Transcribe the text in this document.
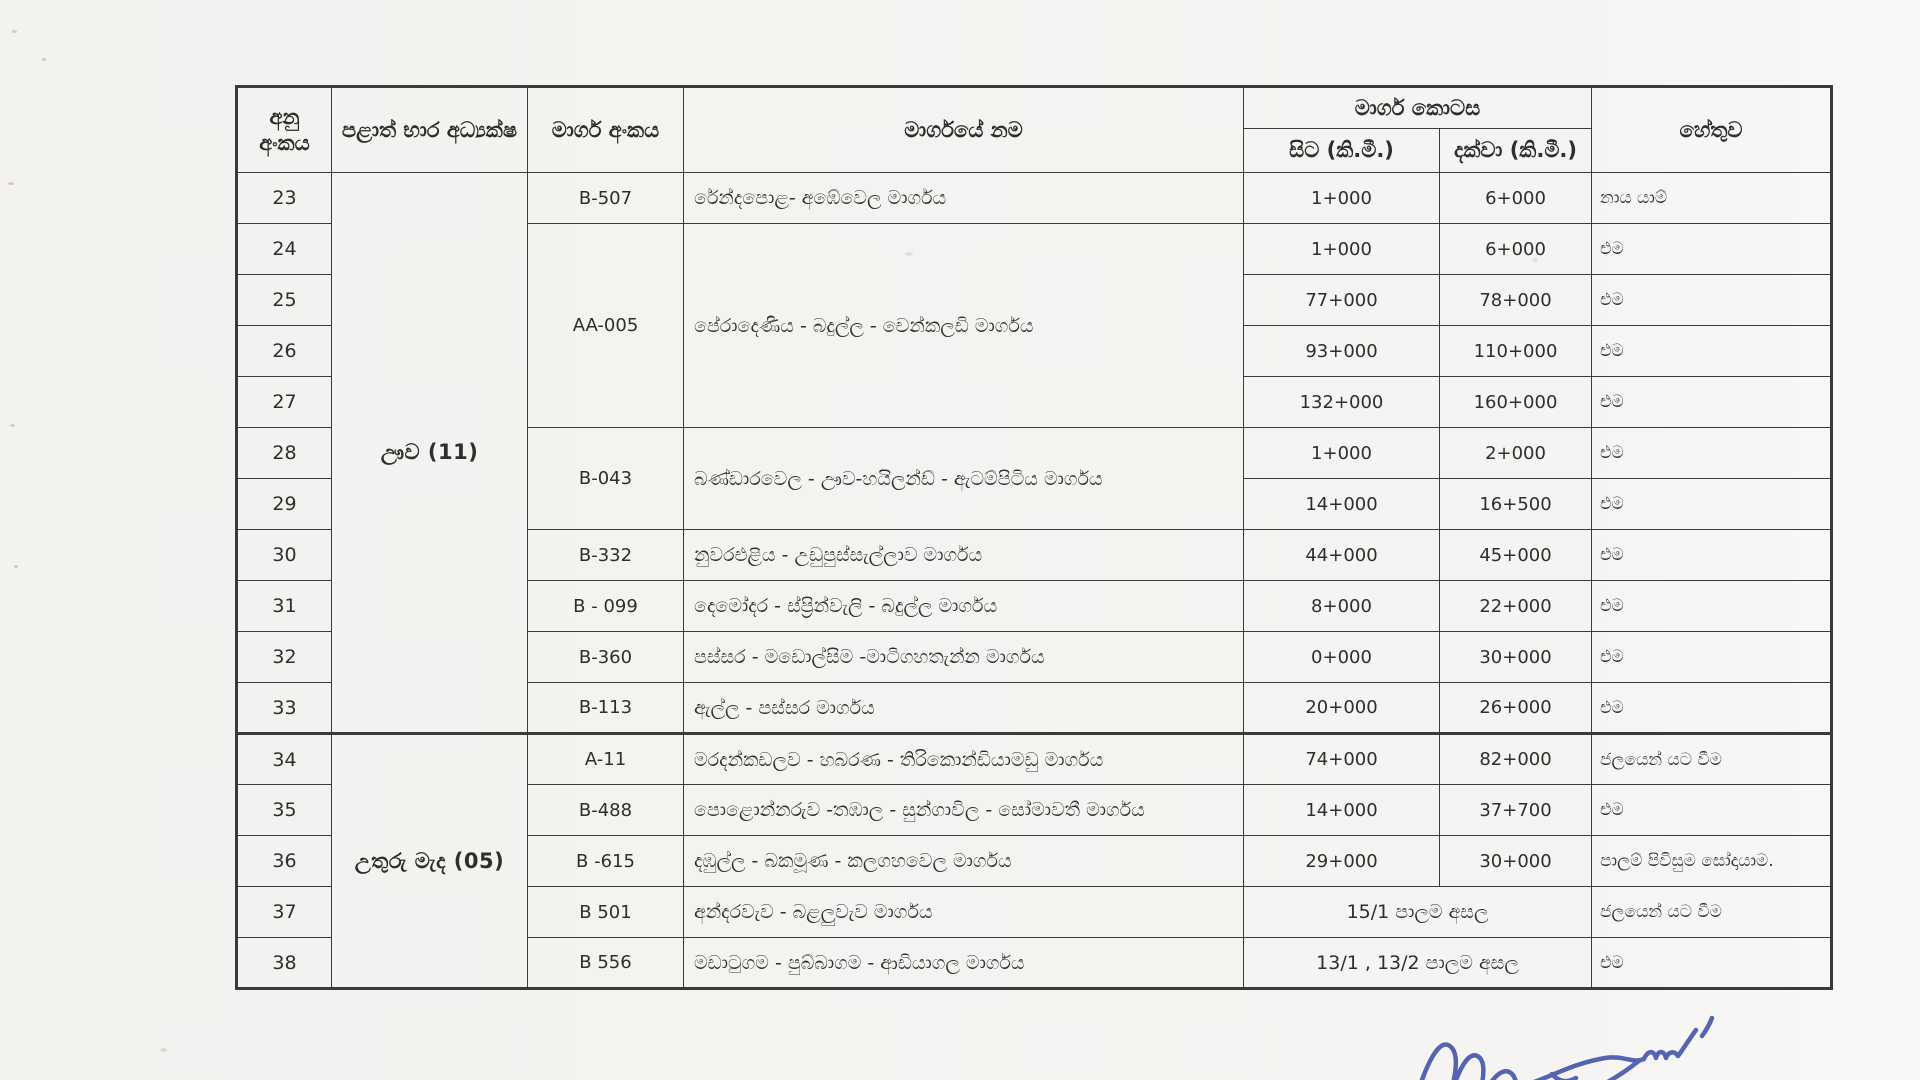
අනු අංකය	පළාත් භාර අධ්‍යක්ෂ	මාර්ග අංකය	මාර්ගයේ නම	මාර්ග කොටස		හේතුව
				සිට (කි.මී.)	දක්වා (කි.මී.)	
23	ඌව (11)	B-507	රේන්දපොළ- අඹේවෙල මාර්ගය	1+000	6+000	නාය යාම්
24		AA-005	පේරාදෙණිය - බදුල්ල - චෙන්කලඩි මාර්ගය	1+000	6+000	එම
25				77+000	78+000	එම
26				93+000	110+000	එම
27				132+000	160+000	එම
28		B-043	බණ්ඩාරවෙල - ඌව-හයිලන්ඩ් - ඇටම්පිටිය මාර්ගය	1+000	2+000	එම
29				14+000	16+500	එම
30		B-332	නුවරඑළිය - උඩුපුස්සැල්ලාව මාර්ගය	44+000	45+000	එම
31		B - 099	දෙමෝදර - ස්ප්‍රින්වැලි - බදුල්ල මාර්ගය	8+000	22+000	එම
32		B-360	පස්සර - මඩොල්සිම -මාටිගහතැන්න මාර්ගය	0+000	30+000	එම
33		B-113	ඇල්ල - පස්සර මාර්ගය	20+000	26+000	එම
34	උතුරු මැද (05)	A-11	මරදන්කඩලව - හබරණ - තිරිකොන්ඩියාමඩු මාර්ගය	74+000	82+000	ජලයෙන් යට වීම
35		B-488	පොළොන්නරුව -තඹාල - සුන්ගාවිල - සෝමාවතී මාර්ගය	14+000	37+700	එම
36		B -615	දඹුල්ල - බකමූණ - කලගහවෙල මාර්ගය	29+000	30+000	පාලම් පිවිසුම සෝදායාම.
37		B 501	අන්දරවැව - බළලුවැව මාර්ගය	15/1 පාලම අසල		ජලයෙන් යට වීම
38		B 556	මඩාටුගම - පුබ්බාගම - ආඩියාගල මාර්ගය	13/1 , 13/2 පාලම අසල		එම
